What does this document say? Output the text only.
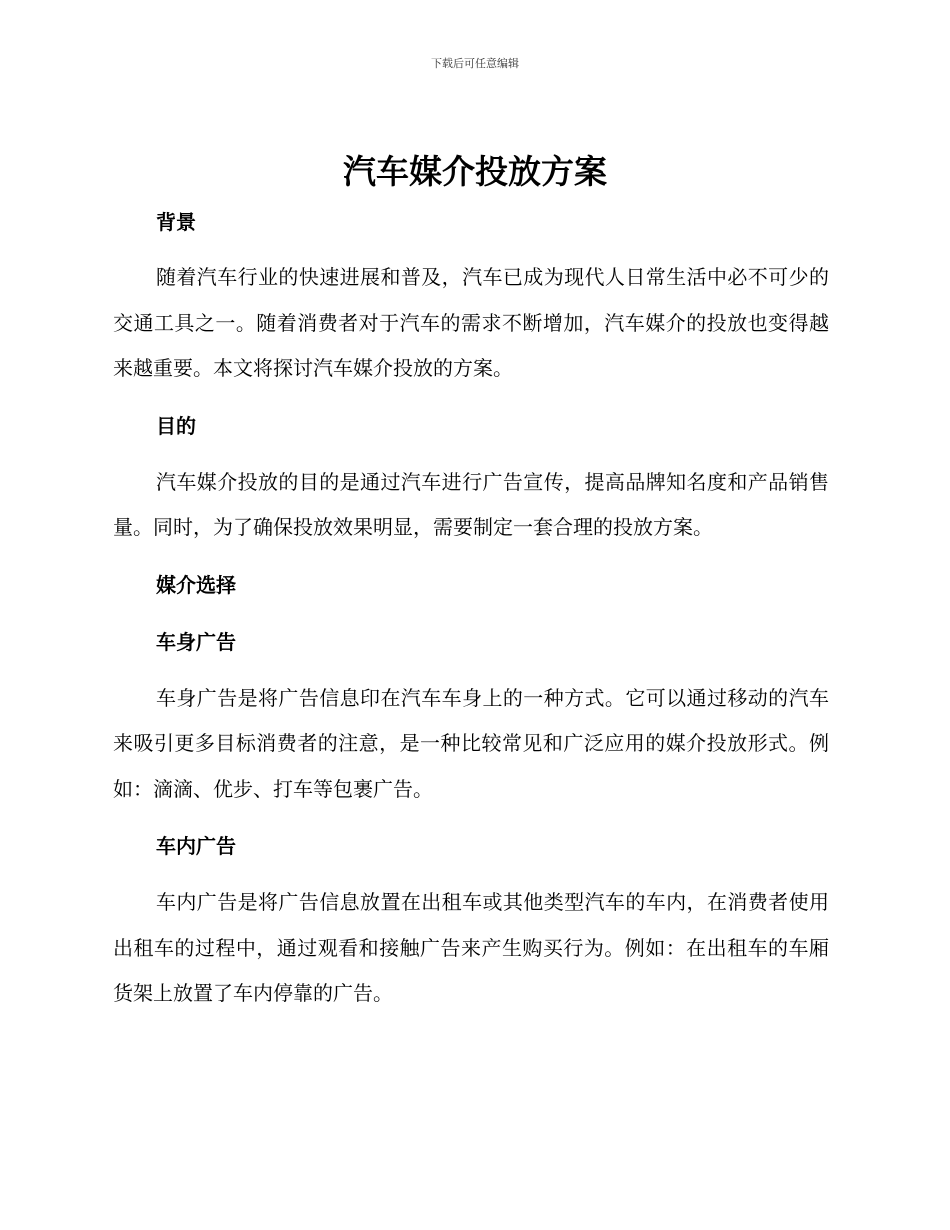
下载后可任意编辑
汽车媒介投放方案
背景

随着汽车行业的快速进展和普及，汽车已成为现代人日常生活中必不可少的交通工具之一。随着消费者对于汽车的需求不断增加，汽车媒介的投放也变得越来越重要。本文将探讨汽车媒介投放的方案。

目的

汽车媒介投放的目的是通过汽车进行广告宣传，提高品牌知名度和产品销售量。同时，为了确保投放效果明显，需要制定一套合理的投放方案。

媒介选择
车身广告

车身广告是将广告信息印在汽车车身上的一种方式。它可以通过移动的汽车来吸引更多目标消费者的注意，是一种比较常见和广泛应用的媒介投放形式。例如：滴滴、优步、打车等包裹广告。

车内广告

车内广告是将广告信息放置在出租车或其他类型汽车的车内，在消费者使用出租车的过程中，通过观看和接触广告来产生购买行为。例如：在出租车的车厢货架上放置了车内停靠的广告。
